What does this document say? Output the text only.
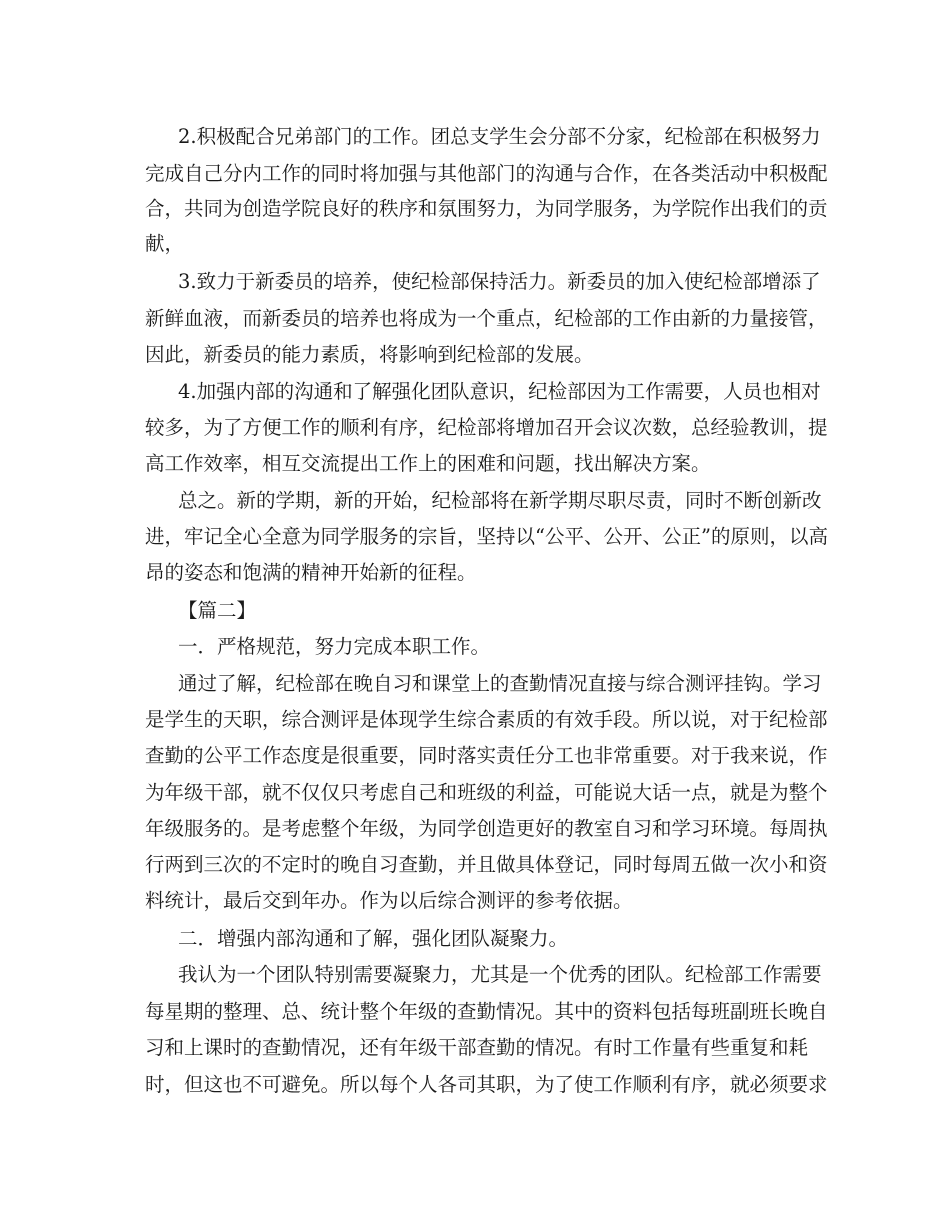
2.积极配合兄弟部门的工作。团总支学生会分部不分家，纪检部在积极努力
完成自己分内工作的同时将加强与其他部门的沟通与合作，在各类活动中积极配
合，共同为创造学院良好的秩序和氛围努力，为同学服务，为学院作出我们的贡
献，
3.致力于新委员的培养，使纪检部保持活力。新委员的加入使纪检部增添了
新鲜血液，而新委员的培养也将成为一个重点，纪检部的工作由新的力量接管，
因此，新委员的能力素质，将影响到纪检部的发展。
4.加强内部的沟通和了解强化团队意识，纪检部因为工作需要，人员也相对
较多，为了方便工作的顺利有序，纪检部将增加召开会议次数，总经验教训，提
高工作效率，相互交流提出工作上的困难和问题，找出解决方案。
总之。新的学期，新的开始，纪检部将在新学期尽职尽责，同时不断创新改
进，牢记全心全意为同学服务的宗旨，坚持以“公平、公开、公正”的原则，以高
昂的姿态和饱满的精神开始新的征程。
【篇二】
一．严格规范，努力完成本职工作。
通过了解，纪检部在晚自习和课堂上的查勤情况直接与综合测评挂钩。学习
是学生的天职，综合测评是体现学生综合素质的有效手段。所以说，对于纪检部
查勤的公平工作态度是很重要，同时落实责任分工也非常重要。对于我来说，作
为年级干部，就不仅仅只考虑自己和班级的利益，可能说大话一点，就是为整个
年级服务的。是考虑整个年级，为同学创造更好的教室自习和学习环境。每周执
行两到三次的不定时的晚自习查勤，并且做具体登记，同时每周五做一次小和资
料统计，最后交到年办。作为以后综合测评的参考依据。
二．增强内部沟通和了解，强化团队凝聚力。
我认为一个团队特别需要凝聚力，尤其是一个优秀的团队。纪检部工作需要
每星期的整理、总、统计整个年级的查勤情况。其中的资料包括每班副班长晚自
习和上课时的查勤情况，还有年级干部查勤的情况。有时工作量有些重复和耗
时，但这也不可避免。所以每个人各司其职，为了使工作顺利有序，就必须要求
